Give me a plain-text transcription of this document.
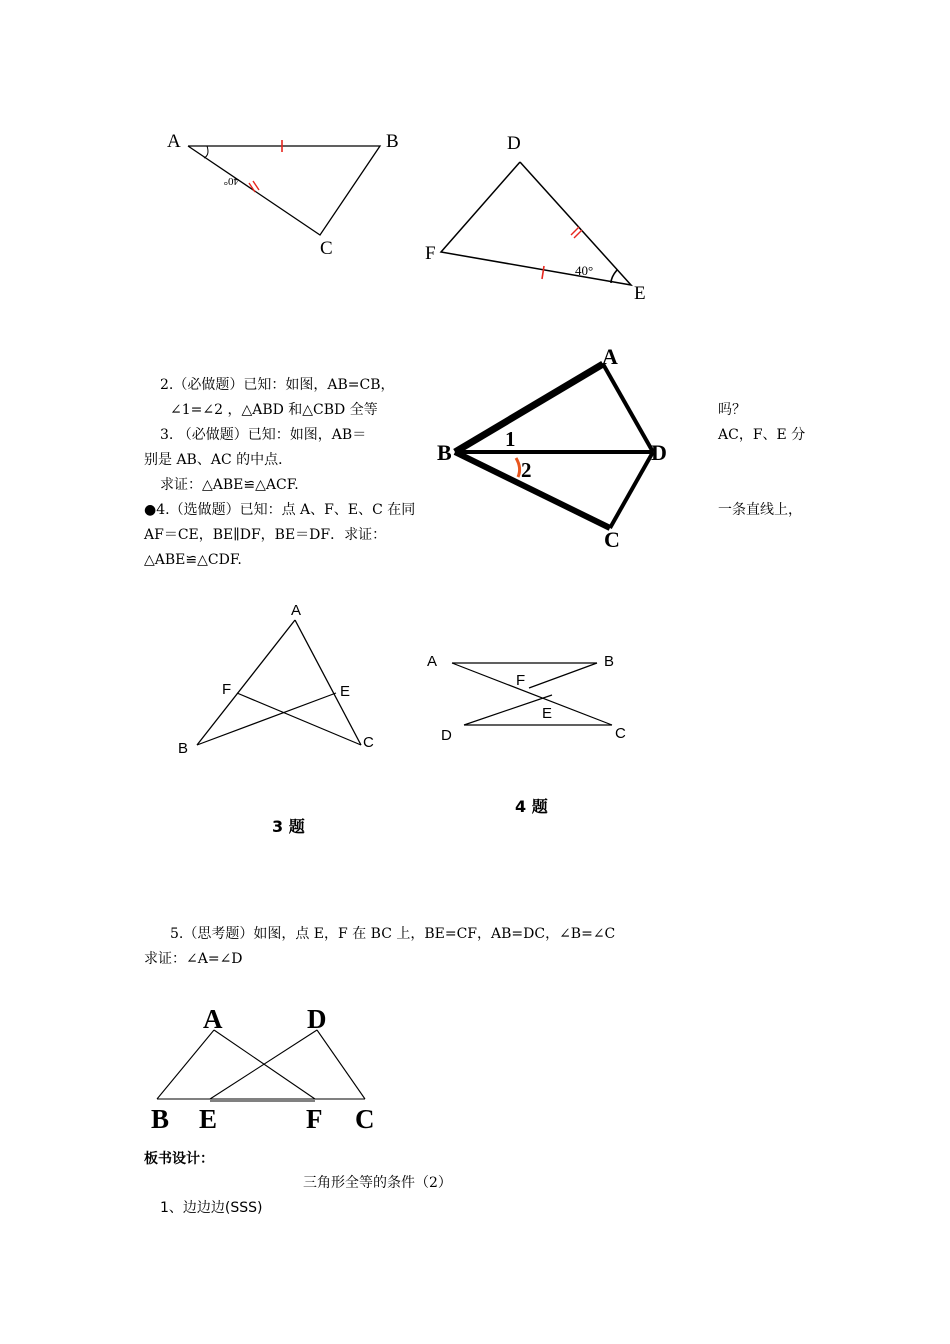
A	B
C
40°
D
E
F
40°
A
B
C
D
1
2
2.（必做题）已知：如图，AB=CB，
∠1=∠2 ，△ABD 和△CBD 全等	吗？
3. （必做题）已知：如图，AB＝	AC，F、E 分
别是 AB、AC 的中点．
求证：△ABE≌△ACF.
●4.（选做题）已知：点 A、F、E、C 在同	一条直线上，
AF＝CE，BE∥DF，BE＝DF．求证：
△ABE≌△CDF.
A
B	C
E
F
A	B
C
D
E
F
3 题
4 题
5.（思考题）如图，点 E，F 在 BC 上，BE=CF，AB=DC，∠B=∠C
求证：∠A=∠D
A	D
B E	F C
板书设计：
三角形全等的条件（2）
1、边边边(SSS)
